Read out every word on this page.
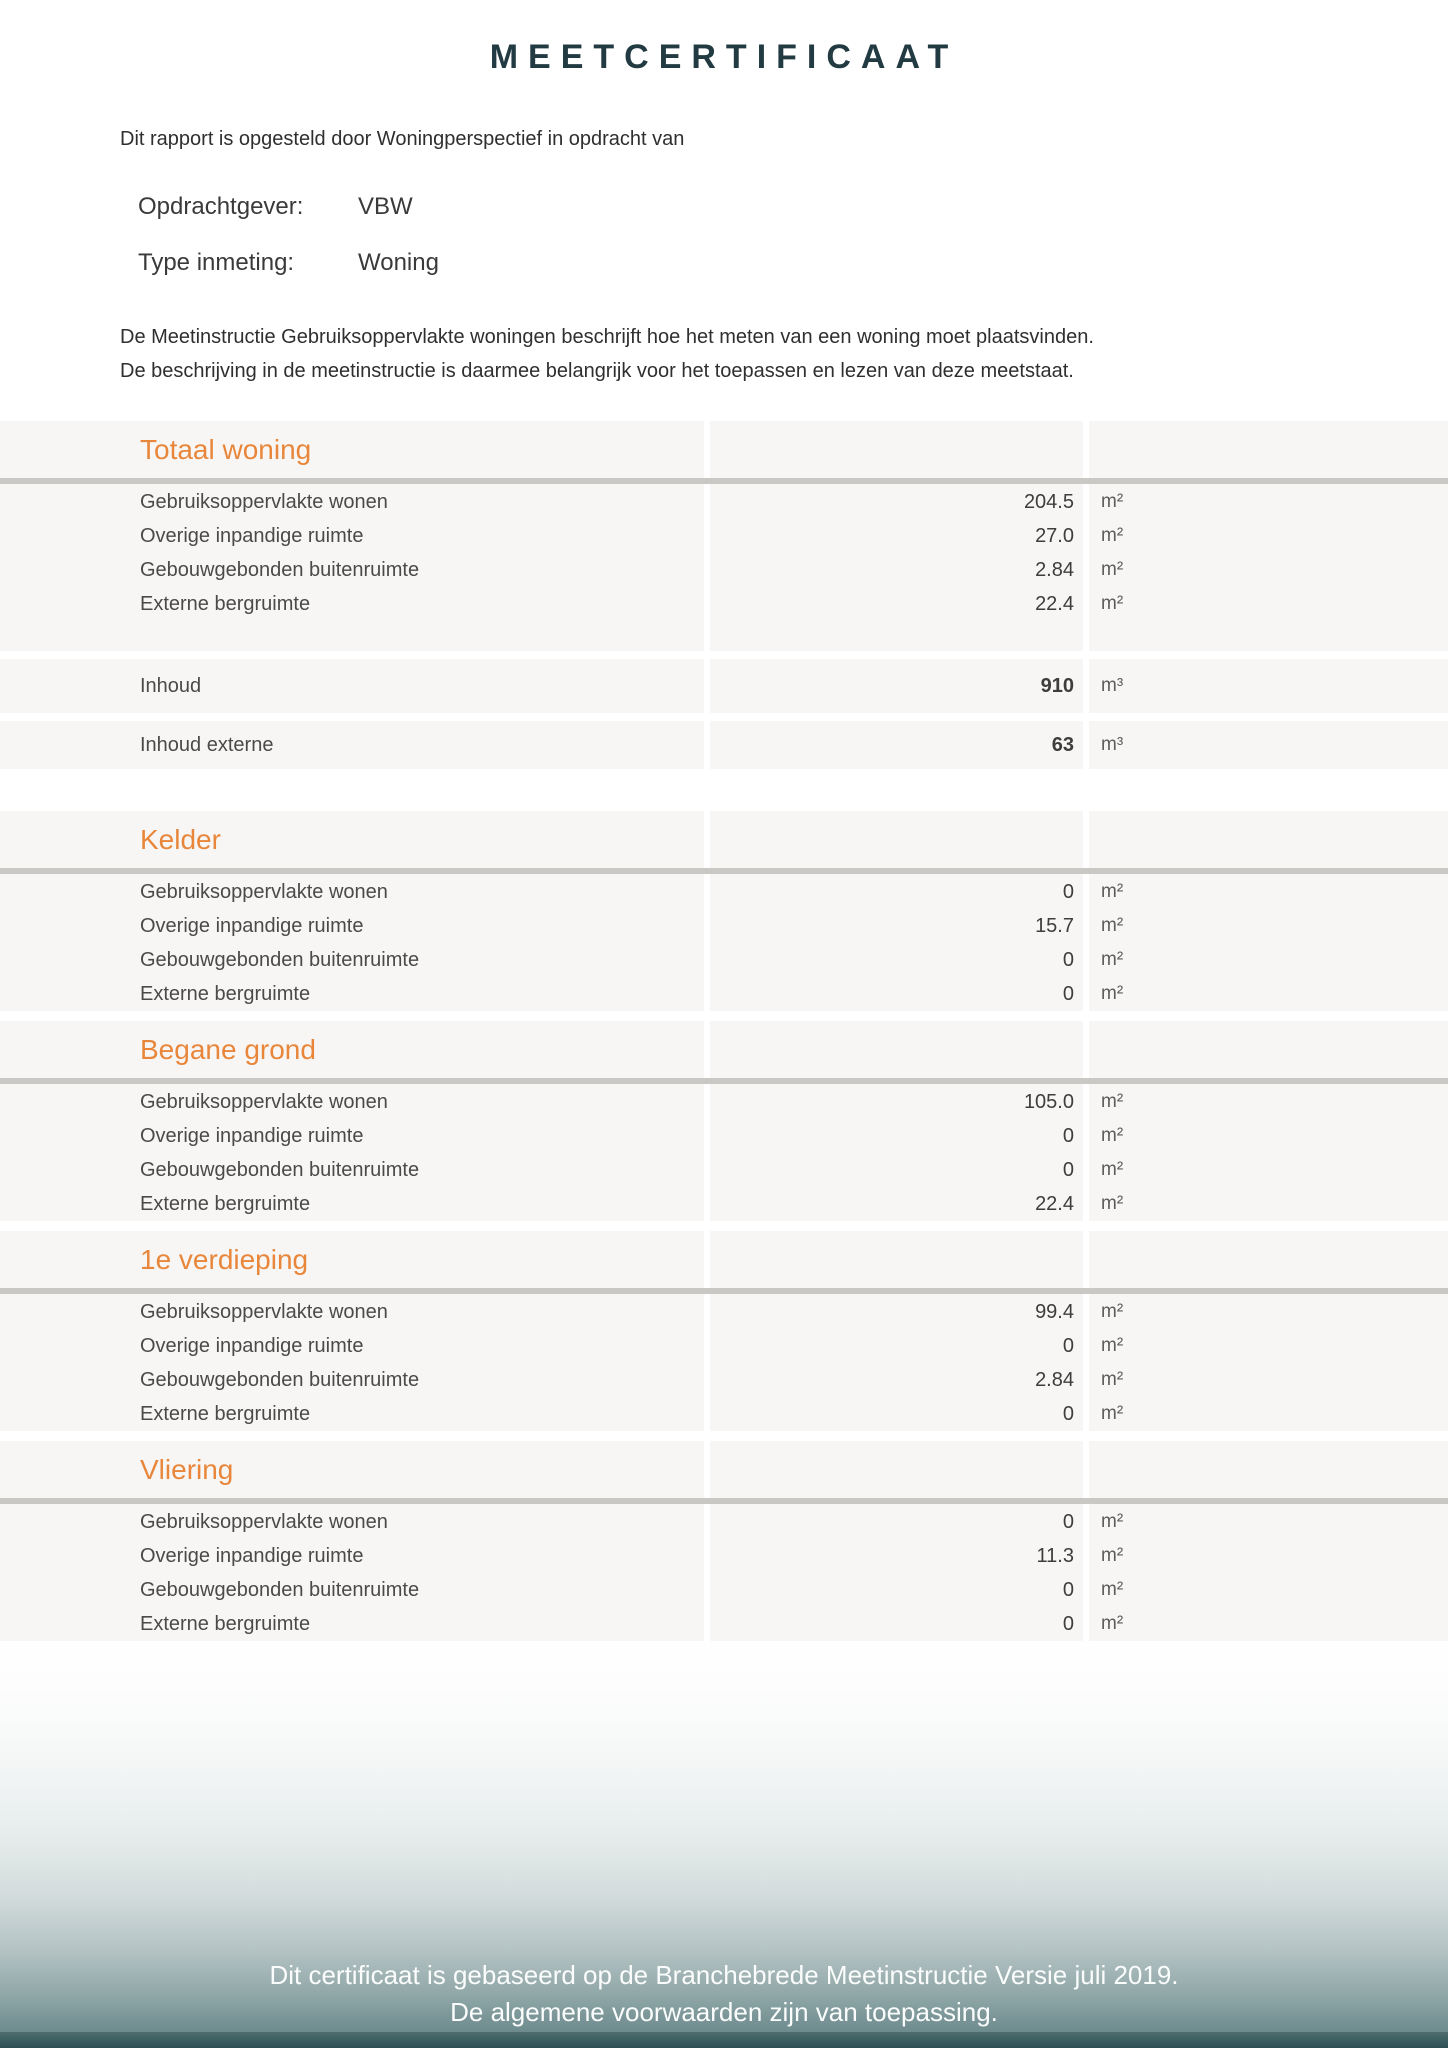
Dit certificaat is gebaseerd op de Branchebrede Meetinstructie Versie juli 2019.
De algemene voorwaarden zijn van toepassing.
MEETCERTIFICAAT
Dit rapport is opgesteld door Woningperspectief in opdracht van
Opdrachtgever: VBW
Type inmeting:	Woning
De Meetinstructie Gebruiksoppervlakte woningen beschrijft hoe het meten van een woning moet plaatsvinden.
De beschrijving in de meetinstructie is daarmee belangrijk voor het toepassen en lezen van deze meetstaat.
Totaal woning
Gebruiksoppervlakte wonen	204.5	m²
Overige inpandige ruimte	27.0	m²
Gebouwgebonden buitenruimte	2.84	m²
Externe bergruimte	22.4	m²
Inhoud	910	m³
Inhoud externe	63	m³
Kelder
Gebruiksoppervlakte wonen	0	m²
Overige inpandige ruimte	15.7	m²
Gebouwgebonden buitenruimte	0	m²
Externe bergruimte	0	m²
Begane grond
Gebruiksoppervlakte wonen	105.0	m²
Overige inpandige ruimte	0	m²
Gebouwgebonden buitenruimte	0	m²
Externe bergruimte	22.4	m²
1e verdieping
Gebruiksoppervlakte wonen	99.4	m²
Overige inpandige ruimte	0	m²
Gebouwgebonden buitenruimte	2.84	m²
Externe bergruimte	0	m²
Vliering
Gebruiksoppervlakte wonen	0	m²
Overige inpandige ruimte	11.3	m²
Gebouwgebonden buitenruimte	0	m²
Externe bergruimte	0	m²
